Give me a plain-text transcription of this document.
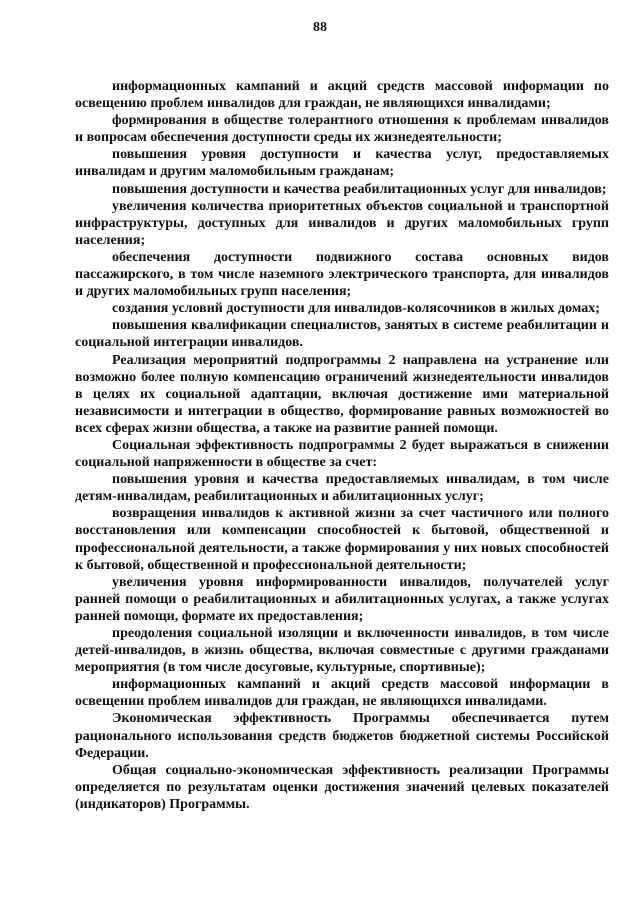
88

информационных кампаний и акций средств массовой информации по освещению проблем инвалидов для граждан, не являющихся инвалидами;

формирования в обществе толерантного отношения к проблемам инвалидов и вопросам обеспечения доступности среды их жизнедеятельности;

повышения уровня доступности и качества услуг, предоставляемых инвалидам и другим маломобильным гражданам;

повышения доступности и качества реабилитационных услуг для инвалидов;

увеличения количества приоритетных объектов социальной и транспортной инфраструктуры, доступных для инвалидов и других маломобильных групп населения;

обеспечения доступности подвижного состава основных видов пассажирского, в том числе наземного электрического транспорта, для инвалидов и других маломобильных групп населения;

создания условий доступности для инвалидов-колясочников в жилых домах;

повышения квалификации специалистов, занятых в системе реабилитации и социальной интеграции инвалидов.

Реализация мероприятий подпрограммы 2 направлена на устранение или возможно более полную компенсацию ограничений жизнедеятельности инвалидов в целях их социальной адаптации, включая достижение ими материальной независимости и интеграции в общество, формирование равных возможностей во всех сферах жизни общества, а также на развитие ранней помощи.

Социальная эффективность подпрограммы 2 будет выражаться в снижении социальной напряженности в обществе за счет:

повышения уровня и качества предоставляемых инвалидам, в том числе детям-инвалидам, реабилитационных и абилитационных услуг;

возвращения инвалидов к активной жизни за счет частичного или полного восстановления или компенсации способностей к бытовой, общественной и профессиональной деятельности, а также формирования у них новых способностей к бытовой, общественной и профессиональной деятельности;

увеличения уровня информированности инвалидов, получателей услуг ранней помощи о реабилитационных и абилитационных услугах, а также услугах ранней помощи, формате их предоставления;

преодоления социальной изоляции и включенности инвалидов, в том числе детей-инвалидов, в жизнь общества, включая совместные с другими гражданами мероприятия (в том числе досуговые, культурные, спортивные);

информационных кампаний и акций средств массовой информации в освещении проблем инвалидов для граждан, не являющихся инвалидами.

Экономическая эффективность Программы обеспечивается путем рационального использования средств бюджетов бюджетной системы Российской Федерации.

Общая социально-экономическая эффективность реализации Программы определяется по результатам оценки достижения значений целевых показателей (индикаторов) Программы.
